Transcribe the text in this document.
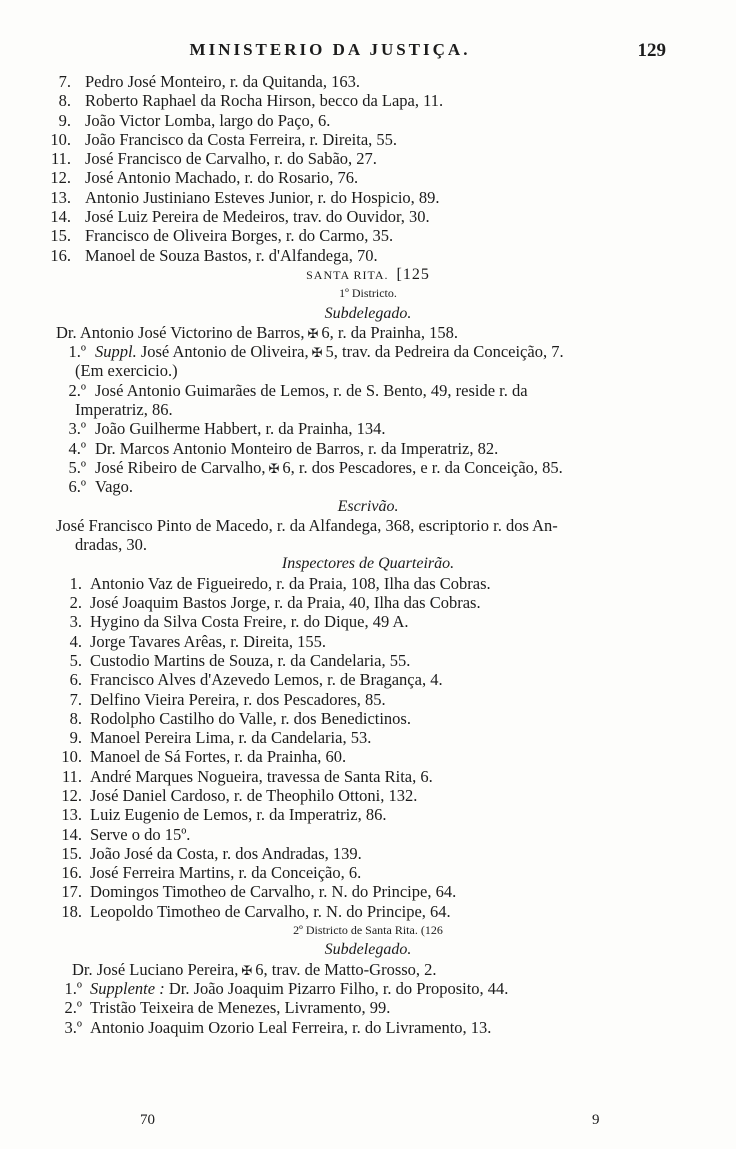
MINISTERIO DA JUSTIÇA.	129
7. Pedro José Monteiro, r. da Quitanda, 163.
8. Roberto Raphael da Rocha Hirson, becco da Lapa, 11.
9. João Victor Lomba, largo do Paço, 6.
10. João Francisco da Costa Ferreira, r. Direita, 55.
11. José Francisco de Carvalho, r. do Sabão, 27.
12. José Antonio Machado, r. do Rosario, 76.
13. Antonio Justiniano Esteves Junior, r. do Hospicio, 89.
14. José Luiz Pereira de Medeiros, trav. do Ouvidor, 30.
15. Francisco de Oliveira Borges, r. do Carmo, 35.
16. Manoel de Souza Bastos, r. d'Alfandega, 70.
SANTA RITA. [125
1º Districto.
Subdelegado.
Dr. Antonio José Victorino de Barros, ✠ 6, r. da Prainha, 158.
1.º Suppl. José Antonio de Oliveira, ✠ 5, trav. da Pedreira da Conceição, 7.
(Em exercicio.)
2.º José Antonio Guimarães de Lemos, r. de S. Bento, 49, reside r. da
Imperatriz, 86.
3.º João Guilherme Habbert, r. da Prainha, 134.
4.º Dr. Marcos Antonio Monteiro de Barros, r. da Imperatriz, 82.
5.º José Ribeiro de Carvalho, ✠ 6, r. dos Pescadores, e r. da Conceição, 85.
6.º Vago.
Escrivão.
José Francisco Pinto de Macedo, r. da Alfandega, 368, escriptorio r. dos An-
dradas, 30.
Inspectores de Quarteirão.
1. Antonio Vaz de Figueiredo, r. da Praia, 108, Ilha das Cobras.
2. José Joaquim Bastos Jorge, r. da Praia, 40, Ilha das Cobras.
3. Hygino da Silva Costa Freire, r. do Dique, 49 A.
4. Jorge Tavares Arêas, r. Direita, 155.
5. Custodio Martins de Souza, r. da Candelaria, 55.
6. Francisco Alves d'Azevedo Lemos, r. de Bragança, 4.
7. Delfino Vieira Pereira, r. dos Pescadores, 85.
8. Rodolpho Castilho do Valle, r. dos Benedictinos.
9. Manoel Pereira Lima, r. da Candelaria, 53.
10. Manoel de Sá Fortes, r. da Prainha, 60.
11. André Marques Nogueira, travessa de Santa Rita, 6.
12. José Daniel Cardoso, r. de Theophilo Ottoni, 132.
13. Luiz Eugenio de Lemos, r. da Imperatriz, 86.
14. Serve o do 15º.
15. João José da Costa, r. dos Andradas, 139.
16. José Ferreira Martins, r. da Conceição, 6.
17. Domingos Timotheo de Carvalho, r. N. do Principe, 64.
18. Leopoldo Timotheo de Carvalho, r. N. do Principe, 64.
2º Districto de Santa Rita. (126
Subdelegado.
Dr. José Luciano Pereira, ✠ 6, trav. de Matto-Grosso, 2.
1.º Supplente : Dr. João Joaquim Pizarro Filho, r. do Proposito, 44.
2.º Tristão Teixeira de Menezes, Livramento, 99.
3.º Antonio Joaquim Ozorio Leal Ferreira, r. do Livramento, 13.
70	9
